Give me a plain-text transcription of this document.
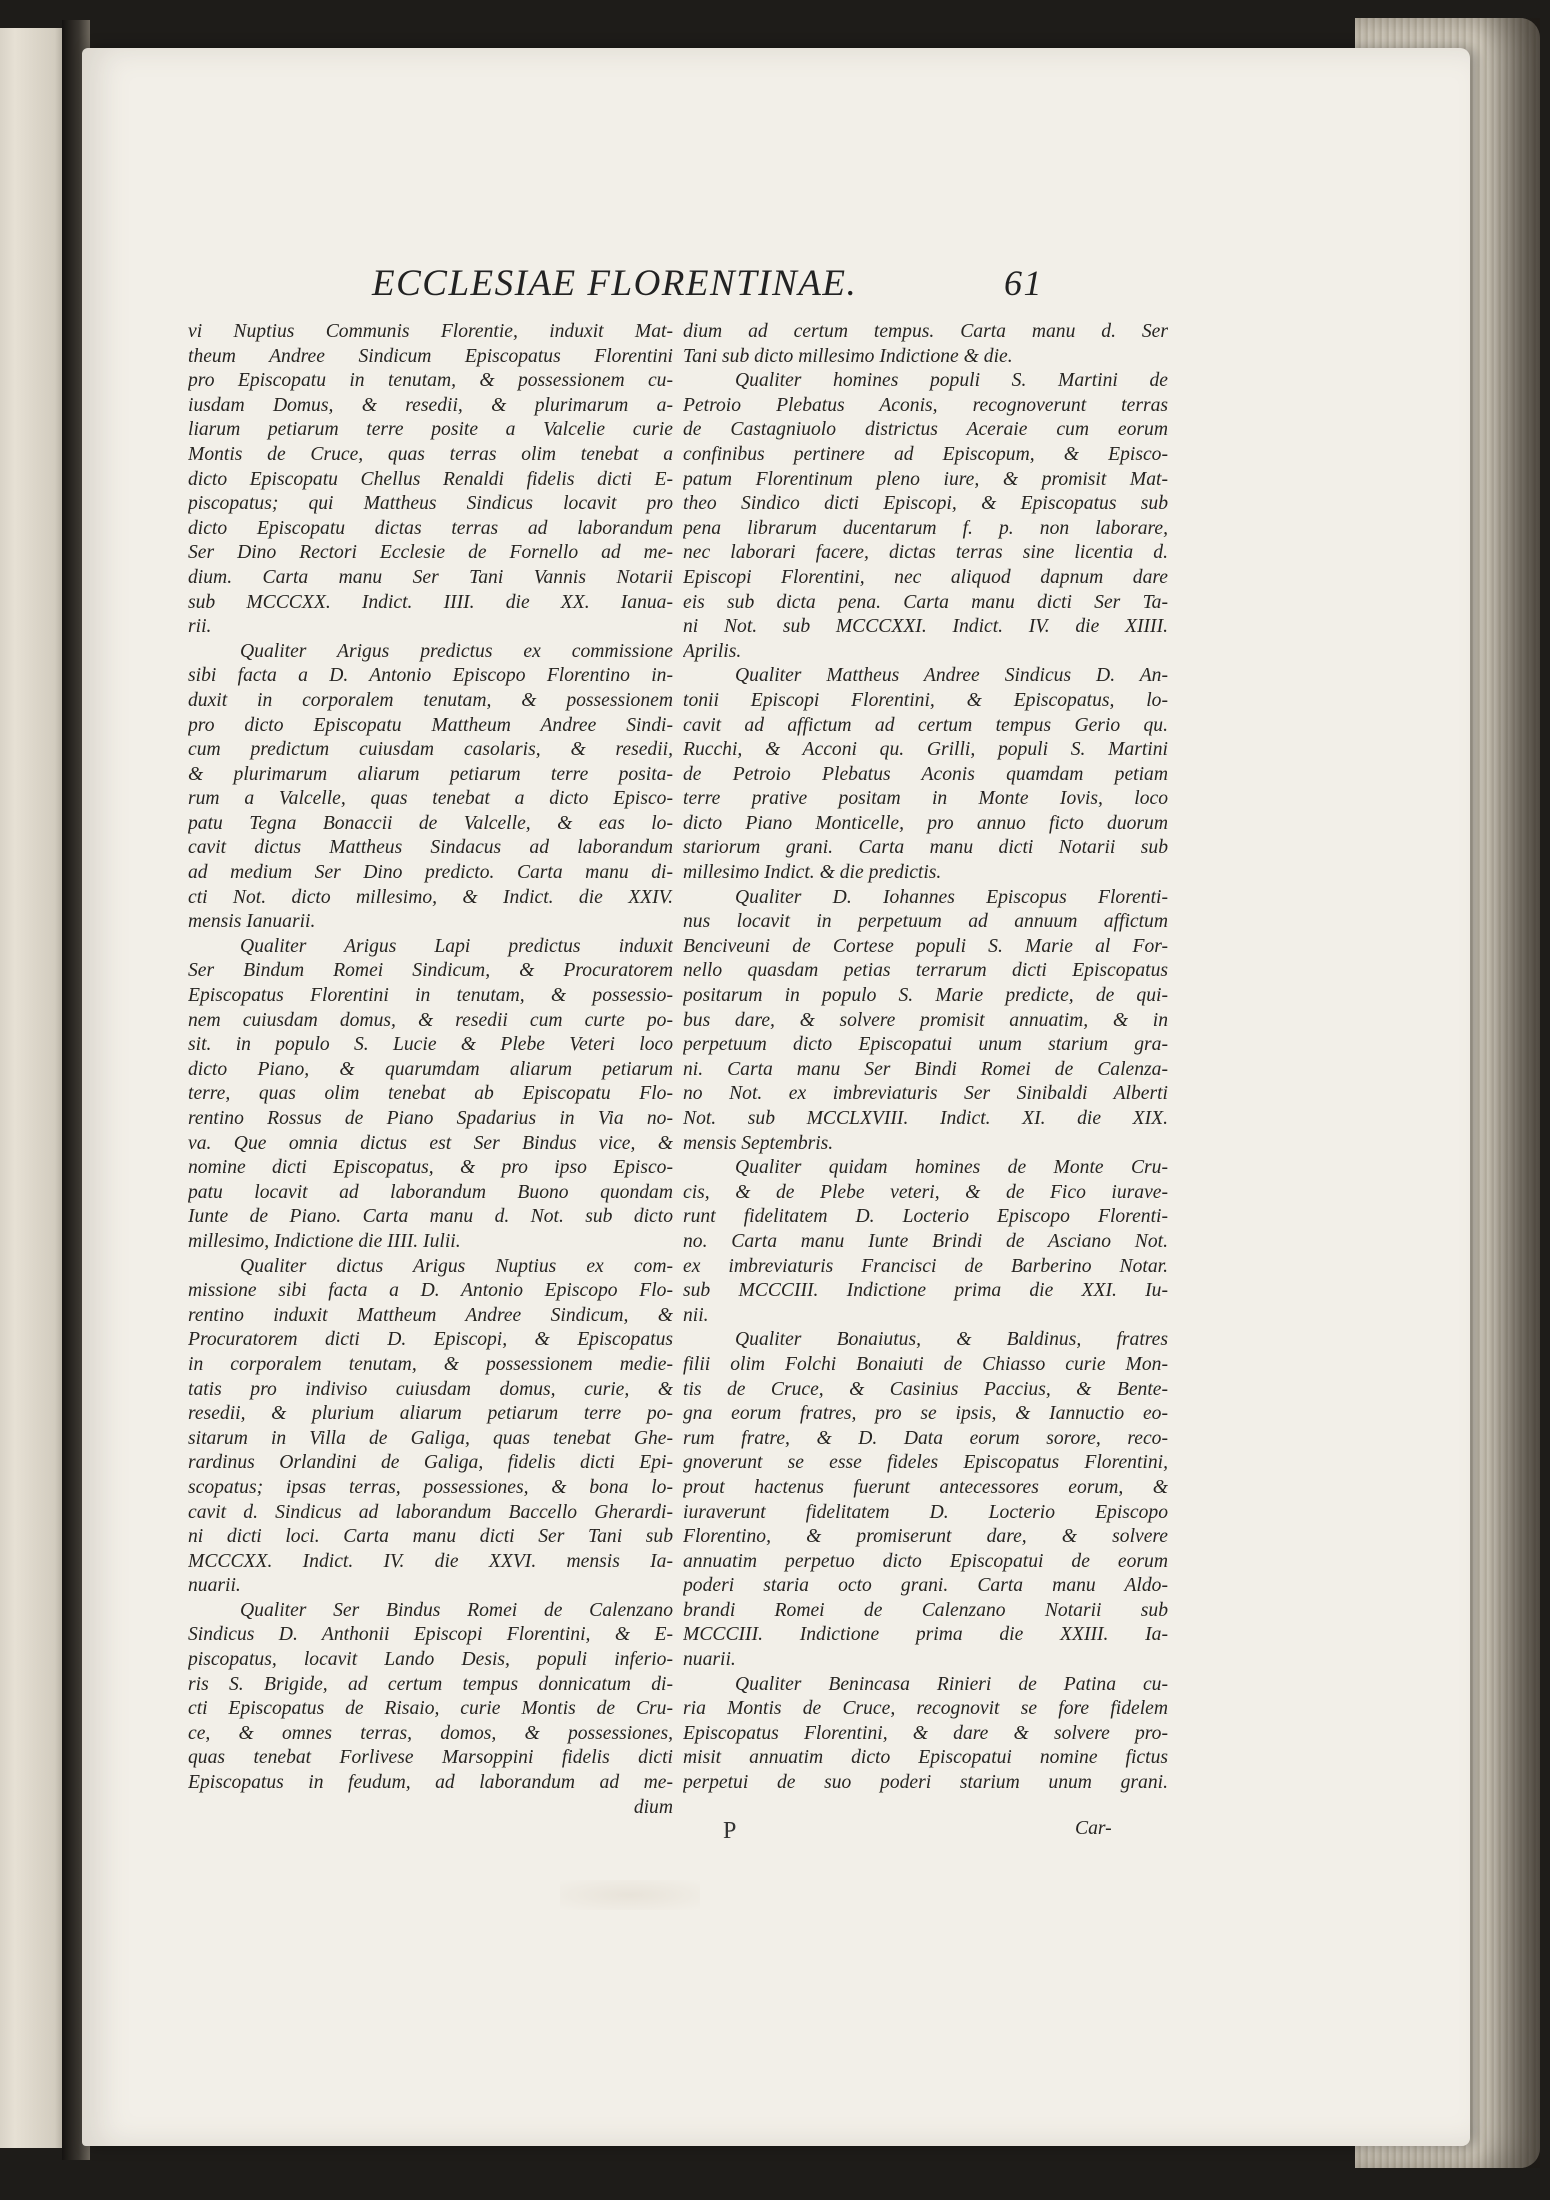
ECCLESIAE FLORENTINAE.	61
vi Nuptius Communis Florentie, induxit Mat-
theum Andree Sindicum Episcopatus Florentini
pro Episcopatu in tenutam, & possessionem cu-
iusdam Domus, & resedii, & plurimarum a-
liarum petiarum terre posite a Valcelie curie
Montis de Cruce, quas terras olim tenebat a
dicto Episcopatu Chellus Renaldi fidelis dicti E-
piscopatus; qui Mattheus Sindicus locavit pro
dicto Episcopatu dictas terras ad laborandum
Ser Dino Rectori Ecclesie de Fornello ad me-
dium. Carta manu Ser Tani Vannis Notarii
sub MCCCXX. Indict. IIII. die XX. Ianua-
rii.
Qualiter Arigus predictus ex commissione
sibi facta a D. Antonio Episcopo Florentino in-
duxit in corporalem tenutam, & possessionem
pro dicto Episcopatu Mattheum Andree Sindi-
cum predictum cuiusdam casolaris, & resedii,
& plurimarum aliarum petiarum terre posita-
rum a Valcelle, quas tenebat a dicto Episco-
patu Tegna Bonaccii de Valcelle, & eas lo-
cavit dictus Mattheus Sindacus ad laborandum
ad medium Ser Dino predicto. Carta manu di-
cti Not. dicto millesimo, & Indict. die XXIV.
mensis Ianuarii.
Qualiter Arigus Lapi predictus induxit
Ser Bindum Romei Sindicum, & Procuratorem
Episcopatus Florentini in tenutam, & possessio-
nem cuiusdam domus, & resedii cum curte po-
sit. in populo S. Lucie & Plebe Veteri loco
dicto Piano, & quarumdam aliarum petiarum
terre, quas olim tenebat ab Episcopatu Flo-
rentino Rossus de Piano Spadarius in Via no-
va. Que omnia dictus est Ser Bindus vice, &
nomine dicti Episcopatus, & pro ipso Episco-
patu locavit ad laborandum Buono quondam
Iunte de Piano. Carta manu d. Not. sub dicto
millesimo, Indictione die IIII. Iulii.
Qualiter dictus Arigus Nuptius ex com-
missione sibi facta a D. Antonio Episcopo Flo-
rentino induxit Mattheum Andree Sindicum, &
Procuratorem dicti D. Episcopi, & Episcopatus
in corporalem tenutam, & possessionem medie-
tatis pro indiviso cuiusdam domus, curie, &
resedii, & plurium aliarum petiarum terre po-
sitarum in Villa de Galiga, quas tenebat Ghe-
rardinus Orlandini de Galiga, fidelis dicti Epi-
scopatus; ipsas terras, possessiones, & bona lo-
cavit d. Sindicus ad laborandum Baccello Gherardi-
ni dicti loci. Carta manu dicti Ser Tani sub
MCCCXX. Indict. IV. die XXVI. mensis Ia-
nuarii.
Qualiter Ser Bindus Romei de Calenzano
Sindicus D. Anthonii Episcopi Florentini, & E-
piscopatus, locavit Lando Desis, populi inferio-
ris S. Brigide, ad certum tempus donnicatum di-
cti Episcopatus de Risaio, curie Montis de Cru-
ce, & omnes terras, domos, & possessiones,
quas tenebat Forlivese Marsoppini fidelis dicti
Episcopatus in feudum, ad laborandum ad me-
dium
dium ad certum tempus. Carta manu d. Ser
Tani sub dicto millesimo Indictione & die.
Qualiter homines populi S. Martini de
Petroio Plebatus Aconis, recognoverunt terras
de Castagniuolo districtus Aceraie cum eorum
confinibus pertinere ad Episcopum, & Episco-
patum Florentinum pleno iure, & promisit Mat-
theo Sindico dicti Episcopi, & Episcopatus sub
pena librarum ducentarum f. p. non laborare,
nec laborari facere, dictas terras sine licentia d.
Episcopi Florentini, nec aliquod dapnum dare
eis sub dicta pena. Carta manu dicti Ser Ta-
ni Not. sub MCCCXXI. Indict. IV. die XIIII.
Aprilis.
Qualiter Mattheus Andree Sindicus D. An-
tonii Episcopi Florentini, & Episcopatus, lo-
cavit ad affictum ad certum tempus Gerio qu.
Rucchi, & Acconi qu. Grilli, populi S. Martini
de Petroio Plebatus Aconis quamdam petiam
terre prative positam in Monte Iovis, loco
dicto Piano Monticelle, pro annuo ficto duorum
stariorum grani. Carta manu dicti Notarii sub
millesimo Indict. & die predictis.
Qualiter D. Iohannes Episcopus Florenti-
nus locavit in perpetuum ad annuum affictum
Benciveuni de Cortese populi S. Marie al For-
nello quasdam petias terrarum dicti Episcopatus
positarum in populo S. Marie predicte, de qui-
bus dare, & solvere promisit annuatim, & in
perpetuum dicto Episcopatui unum starium gra-
ni. Carta manu Ser Bindi Romei de Calenza-
no Not. ex imbreviaturis Ser Sinibaldi Alberti
Not. sub MCCLXVIII. Indict. XI. die XIX.
mensis Septembris.
Qualiter quidam homines de Monte Cru-
cis, & de Plebe veteri, & de Fico iurave-
runt fidelitatem D. Locterio Episcopo Florenti-
no. Carta manu Iunte Brindi de Asciano Not.
ex imbreviaturis Francisci de Barberino Notar.
sub MCCCIII. Indictione prima die XXI. Iu-
nii.
Qualiter Bonaiutus, & Baldinus, fratres
filii olim Folchi Bonaiuti de Chiasso curie Mon-
tis de Cruce, & Casinius Paccius, & Bente-
gna eorum fratres, pro se ipsis, & Iannuctio eo-
rum fratre, & D. Data eorum sorore, reco-
gnoverunt se esse fideles Episcopatus Florentini,
prout hactenus fuerunt antecessores eorum, &
iuraverunt fidelitatem D. Locterio Episcopo
Florentino, & promiserunt dare, & solvere
annuatim perpetuo dicto Episcopatui de eorum
poderi staria octo grani. Carta manu Aldo-
brandi Romei de Calenzano Notarii sub
MCCCIII. Indictione prima die XXIII. Ia-
nuarii.
Qualiter Benincasa Rinieri de Patina cu-
ria Montis de Cruce, recognovit se fore fidelem
Episcopatus Florentini, & dare & solvere pro-
misit annuatim dicto Episcopatui nomine fictus
perpetui de suo poderi starium unum grani.
P	Car-
